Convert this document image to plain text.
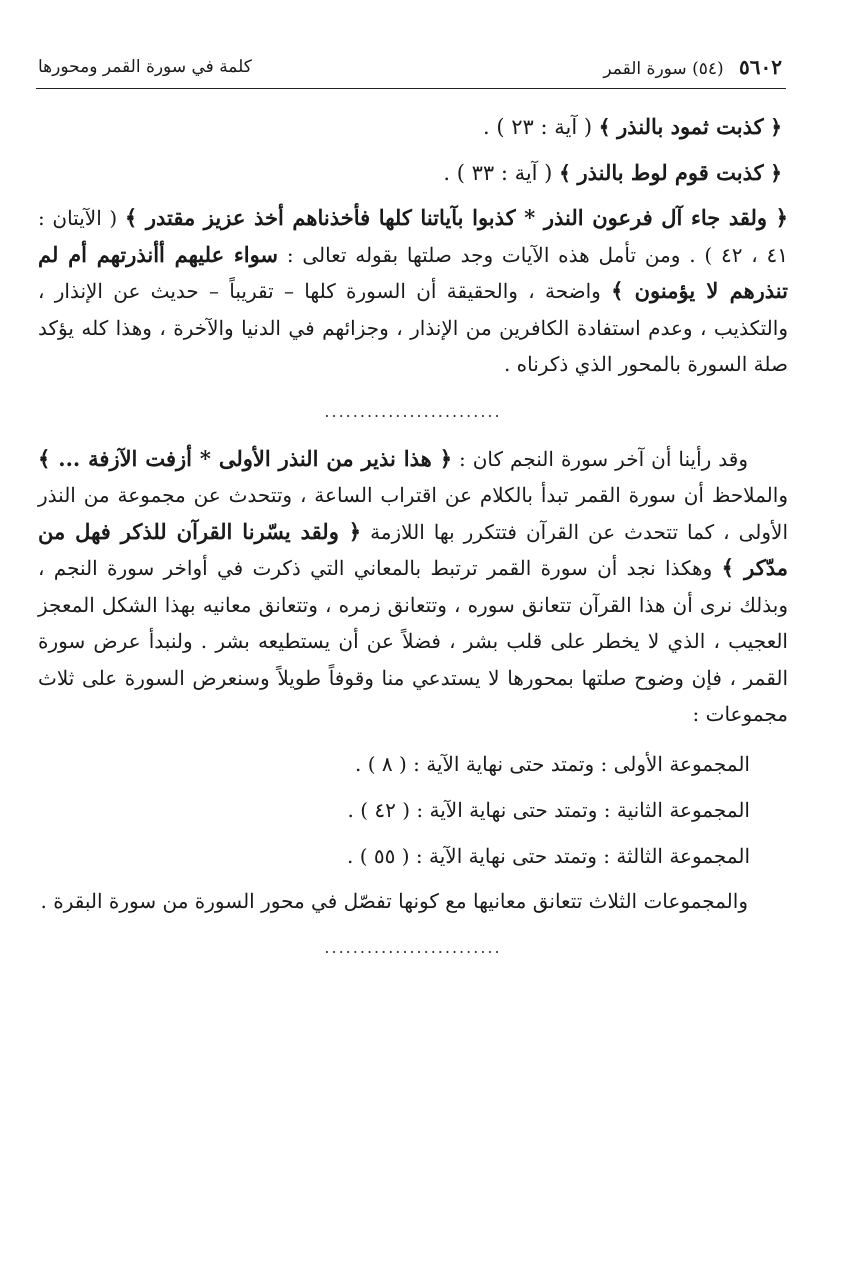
٥٦٠٢ (٥٤) سورة القمر
كلمة في سورة القمر ومحورها

﴿ كذبت ثمود بالنذر ﴾ ( آية : ٢٣ ) .

﴿ كذبت قوم لوط بالنذر ﴾ ( آية : ٣٣ ) .

﴿ ولقد جاء آل فرعون النذر * كذبوا بآياتنا كلها فأخذناهم أخذ عزيز مقتدر ﴾ ( الآيتان : ٤١ ، ٤٢ ) . ومن تأمل هذه الآيات وجد صلتها بقوله تعالى : سواء عليهم أأنذرتهم أم لم تنذرهم لا يؤمنون ﴾ واضحة ، والحقيقة أن السورة كلها – تقريباً – حديث عن الإنذار ، والتكذيب ، وعدم استفادة الكافرين من الإنذار ، وجزائهم في الدنيا والآخرة ، وهذا كله يؤكد صلة السورة بالمحور الذي ذكرناه .

.........................

وقد رأينا أن آخر سورة النجم كان : ﴿ هذا نذير من النذر الأولى * أزفت الآزفة ... ﴾ والملاحظ أن سورة القمر تبدأ بالكلام عن اقتراب الساعة ، وتتحدث عن مجموعة من النذر الأولى ، كما تتحدث عن القرآن فتتكرر بها اللازمة ﴿ ولقد يسّرنا القرآن للذكر فهل من مدّكر ﴾ وهكذا نجد أن سورة القمر ترتبط بالمعاني التي ذكرت في أواخر سورة النجم ، وبذلك نرى أن هذا القرآن تتعانق سوره ، وتتعانق زمره ، وتتعانق معانيه بهذا الشكل المعجز العجيب ، الذي لا يخطر على قلب بشر ، فضلاً عن أن يستطيعه بشر . ولنبدأ عرض سورة القمر ، فإن وضوح صلتها بمحورها لا يستدعي منا وقوفاً طويلاً وسنعرض السورة على ثلاث مجموعات :

المجموعة الأولى : وتمتد حتى نهاية الآية : ( ٨ ) .

المجموعة الثانية : وتمتد حتى نهاية الآية : ( ٤٢ ) .

المجموعة الثالثة : وتمتد حتى نهاية الآية : ( ٥٥ ) .

والمجموعات الثلاث تتعانق معانيها مع كونها تفصّل في محور السورة من سورة البقرة .

.........................
